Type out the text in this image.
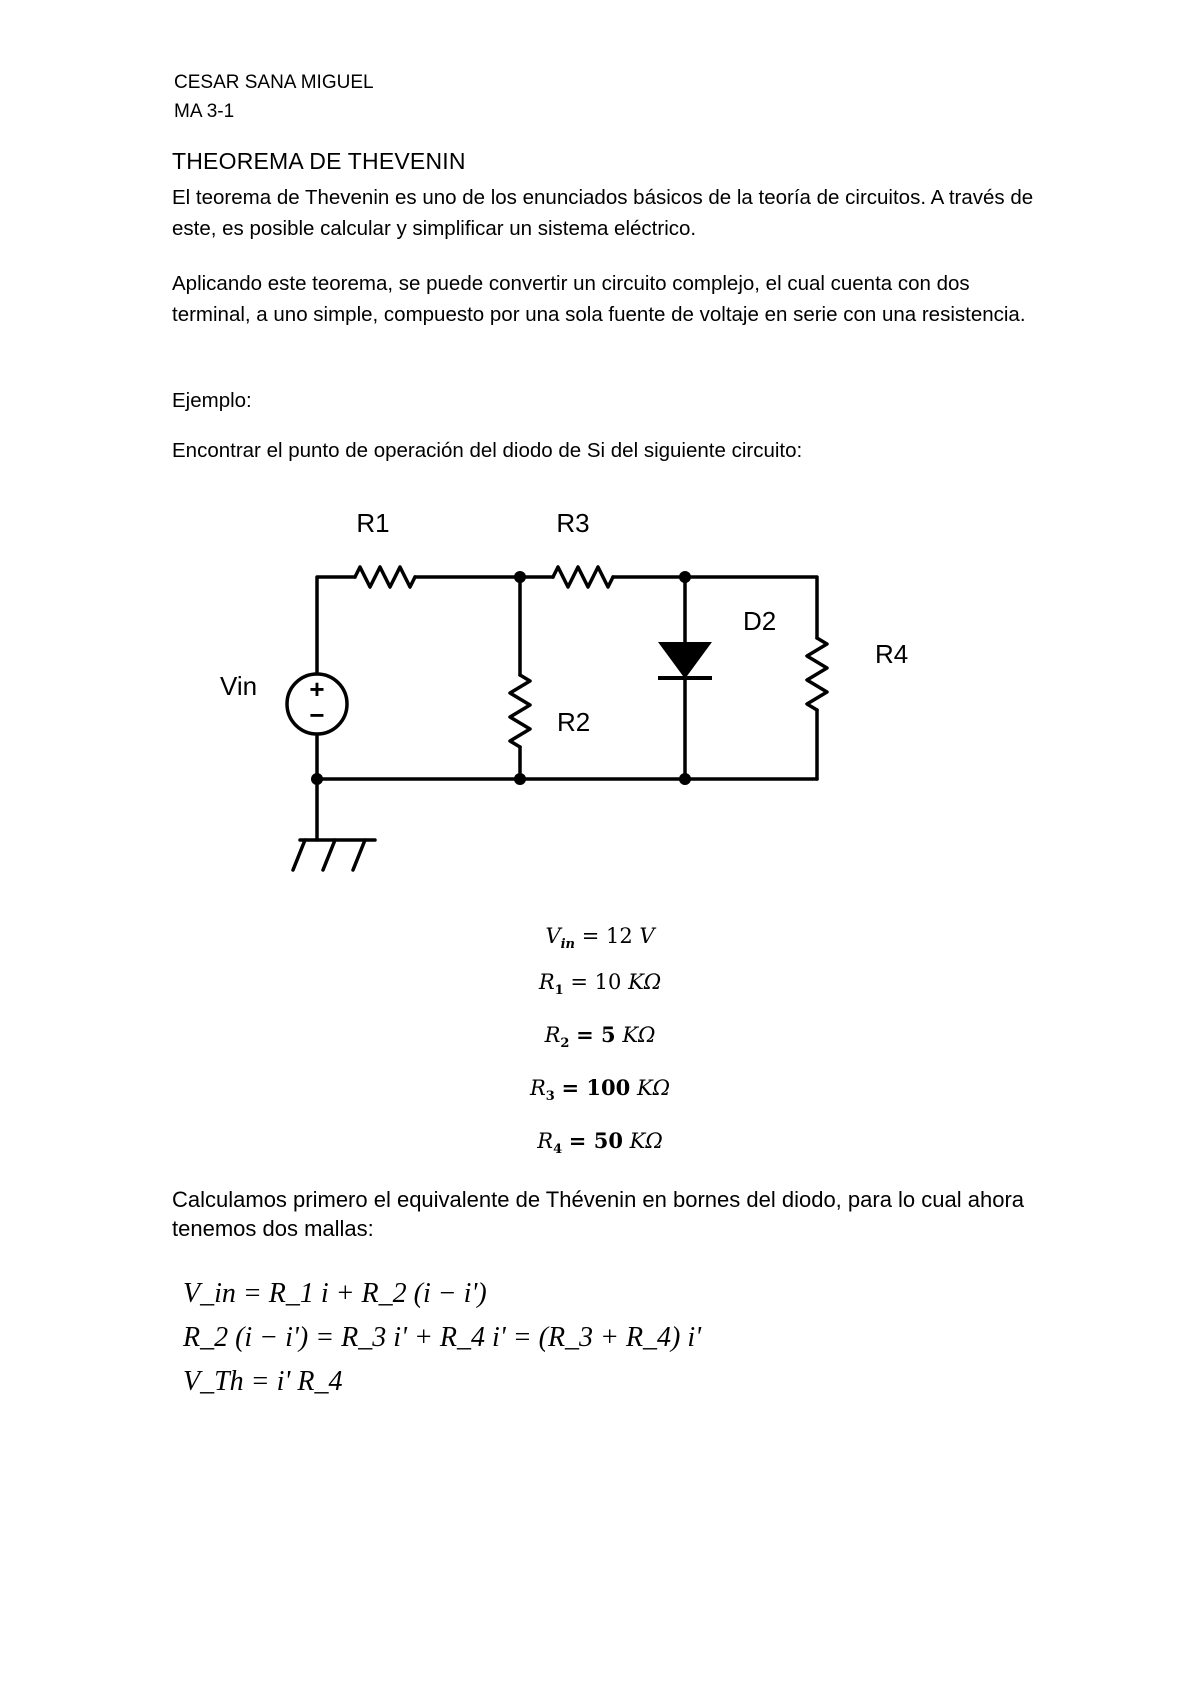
CESAR SANA MIGUEL
MA 3-1
THEOREMA DE THEVENIN
El teorema de Thevenin es uno de los enunciados básicos de la teoría de circuitos. A través de este, es posible calcular y simplificar un sistema eléctrico.
Aplicando este teorema, se puede convertir un circuito complejo, el cual cuenta con dos terminal, a uno simple, compuesto por una sola fuente de voltaje en serie con una resistencia.
Ejemplo:
Encontrar el punto de operación del diodo de Si del siguiente circuito:
+
−
R1	R3
D2
R4
Vin
R2
$V_{in} = 12$ V
$R_1 = 10$ KΩ
$R_2 = 5$ KΩ
$R_3 = 100$ KΩ
$R_4 = 50$ KΩ
Calculamos primero el equivalente de Thévenin en bornes del diodo, para lo cual ahora tenemos dos mallas:
V_in = R_1 i + R_2 (i − i')
R_2 (i − i') = R_3 i' + R_4 i' = (R_3 + R_4) i'
V_Th = i' R_4
